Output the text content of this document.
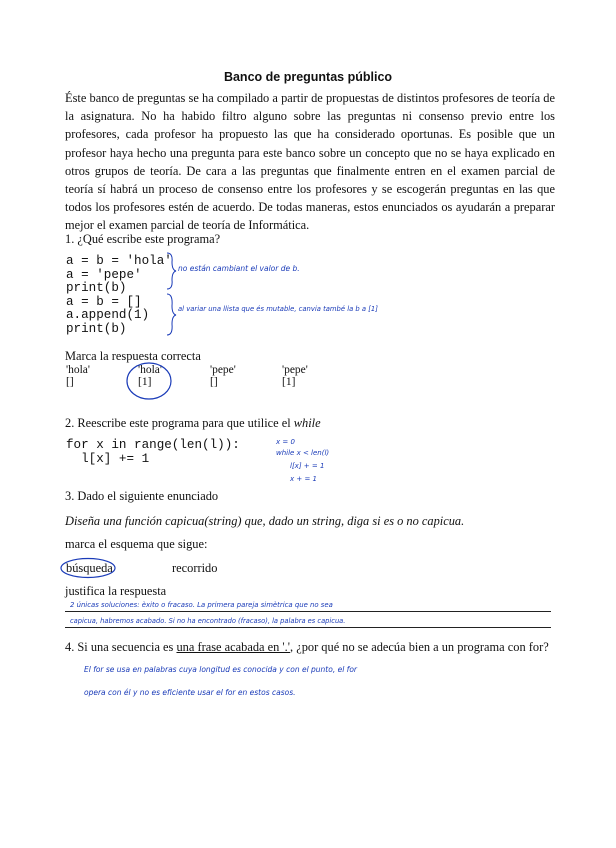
Banco de preguntas público
Éste banco de preguntas se ha compilado a partir de propuestas de distintos profesores de teoría de la asignatura. No ha habido filtro alguno sobre las preguntas ni consenso previo entre los profesores, cada profesor ha propuesto las que ha considerado oportunas. Es posible que un profesor haya hecho una pregunta para este banco sobre un concepto que no se haya explicado en otros grupos de teoría. De cara a las preguntas que finalmente entren en el examen parcial de teoría sí habrá un proceso de consenso entre los profesores y se escogerán preguntas en las que todos los profesores estén de acuerdo. De todas maneras, estos enunciados os ayudarán a preparar mejor el examen parcial de teoría de Informática.
1. ¿Qué escribe este programa?
a = b = 'hola'
a = 'pepe'
print(b)
a = b = []
a.append(1)
print(b)
no están cambiant el valor de b.
al variar una llista que és mutable, canvia també la b a [1]
Marca la respuesta correcta
'hola'
[]
'hola'
[1]
'pepe'
[]
'pepe'
[1]
2. Reescribe este programa para que utilice el while
for x in range(len(l)):
l[x] += 1
x = 0
while x < len(l)
l[x] + = 1
x + = 1
3. Dado el siguiente enunciado
Diseña una función capicua(string) que, dado un string, diga si es o no capicua.
marca el esquema que sigue:
búsqueda	recorrido
justifica la respuesta
2 únicas soluciones: èxito o fracaso. La primera pareja simètrica que no sea
capicua, habremos acabado. Si no ha encontrado (fracaso), la palabra es capicua.
4. Si una secuencia es una frase acabada en '.', ¿por qué no se adecúa bien a un programa con for?
El for se usa en palabras cuya longitud es conocida y con el punto, el for
opera con él y no es eficiente usar el for en estos casos.
